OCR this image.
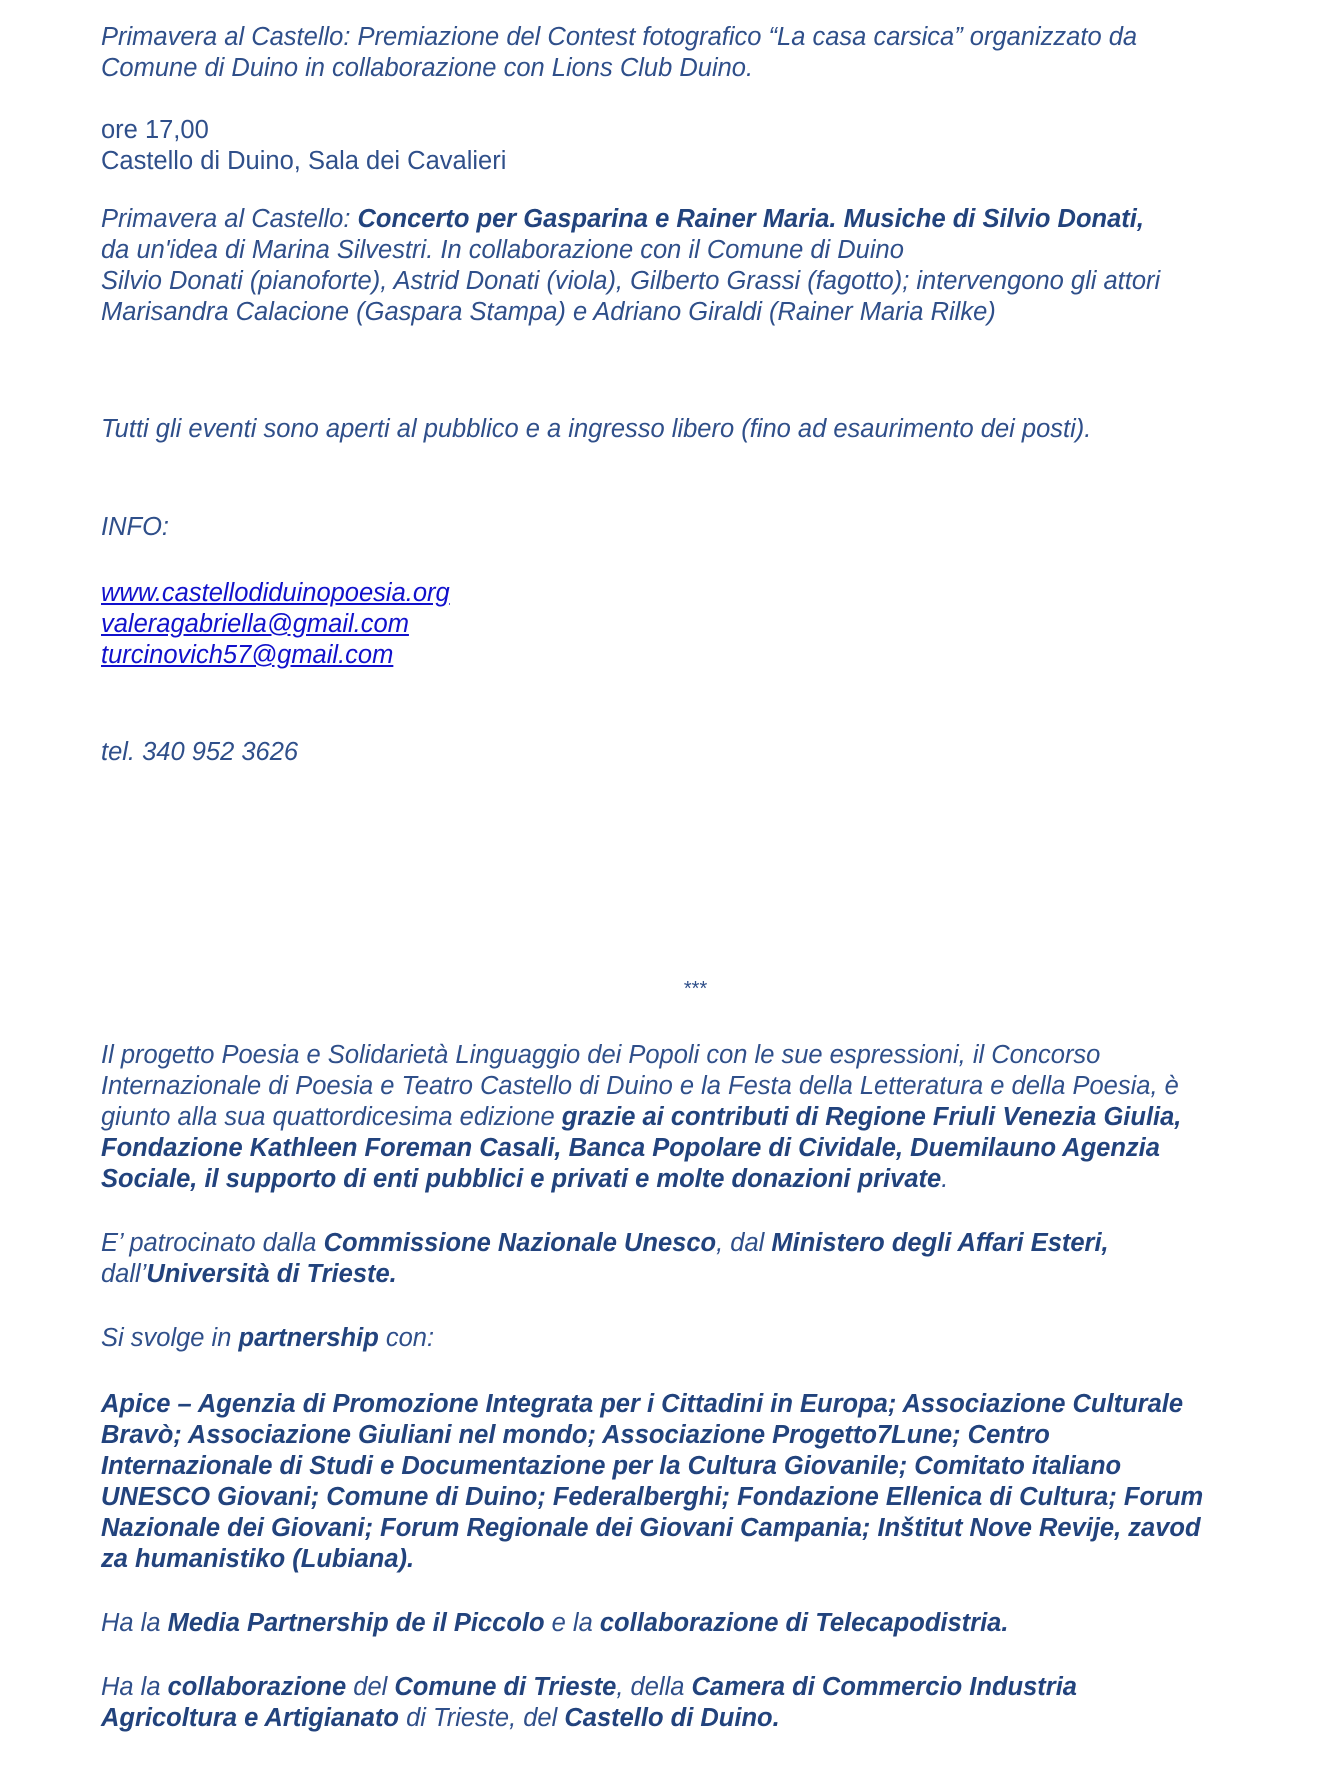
Primavera al Castello: Premiazione del Contest fotografico “La casa carsica” organizzato da

Comune di Duino in collaborazione con Lions Club Duino.

ore 17,00

Castello di Duino, Sala dei Cavalieri

Primavera al Castello: Concerto per Gasparina e Rainer Maria. Musiche di Silvio Donati,

da un'idea di Marina Silvestri. In collaborazione con il Comune di Duino

Silvio Donati (pianoforte), Astrid Donati (viola), Gilberto Grassi (fagotto); intervengono gli attori

Marisandra Calacione (Gaspara Stampa) e Adriano Giraldi (Rainer Maria Rilke)

Tutti gli eventi sono aperti al pubblico e a ingresso libero (fino ad esaurimento dei posti).

INFO:

www.castellodiduinopoesia.org
valeragabriella@gmail.com
turcinovich57@gmail.com

tel. 340 952 3626

***

Il progetto Poesia e Solidarietà Linguaggio dei Popoli con le sue espressioni, il Concorso

Internazionale di Poesia e Teatro Castello di Duino e la Festa della Letteratura e della Poesia, è

giunto alla sua quattordicesima edizione grazie ai contributi di Regione Friuli Venezia Giulia,

Fondazione Kathleen Foreman Casali, Banca Popolare di Cividale, Duemilauno Agenzia

Sociale, il supporto di enti pubblici e privati e molte donazioni private.

E’ patrocinato dalla Commissione Nazionale Unesco, dal Ministero degli Affari Esteri,

dall’Università di Trieste.

Si svolge in partnership con:

Apice – Agenzia di Promozione Integrata per i Cittadini in Europa; Associazione Culturale

Bravò; Associazione Giuliani nel mondo; Associazione Progetto7Lune; Centro

Internazionale di Studi e Documentazione per la Cultura Giovanile; Comitato italiano

UNESCO Giovani; Comune di Duino; Federalberghi; Fondazione Ellenica di Cultura; Forum

Nazionale dei Giovani; Forum Regionale dei Giovani Campania; Inštitut Nove Revije, zavod

za humanistiko (Lubiana).

Ha la Media Partnership de il Piccolo e la collaborazione di Telecapodistria.

Ha la collaborazione del Comune di Trieste, della Camera di Commercio Industria

Agricoltura e Artigianato di Trieste, del Castello di Duino.
